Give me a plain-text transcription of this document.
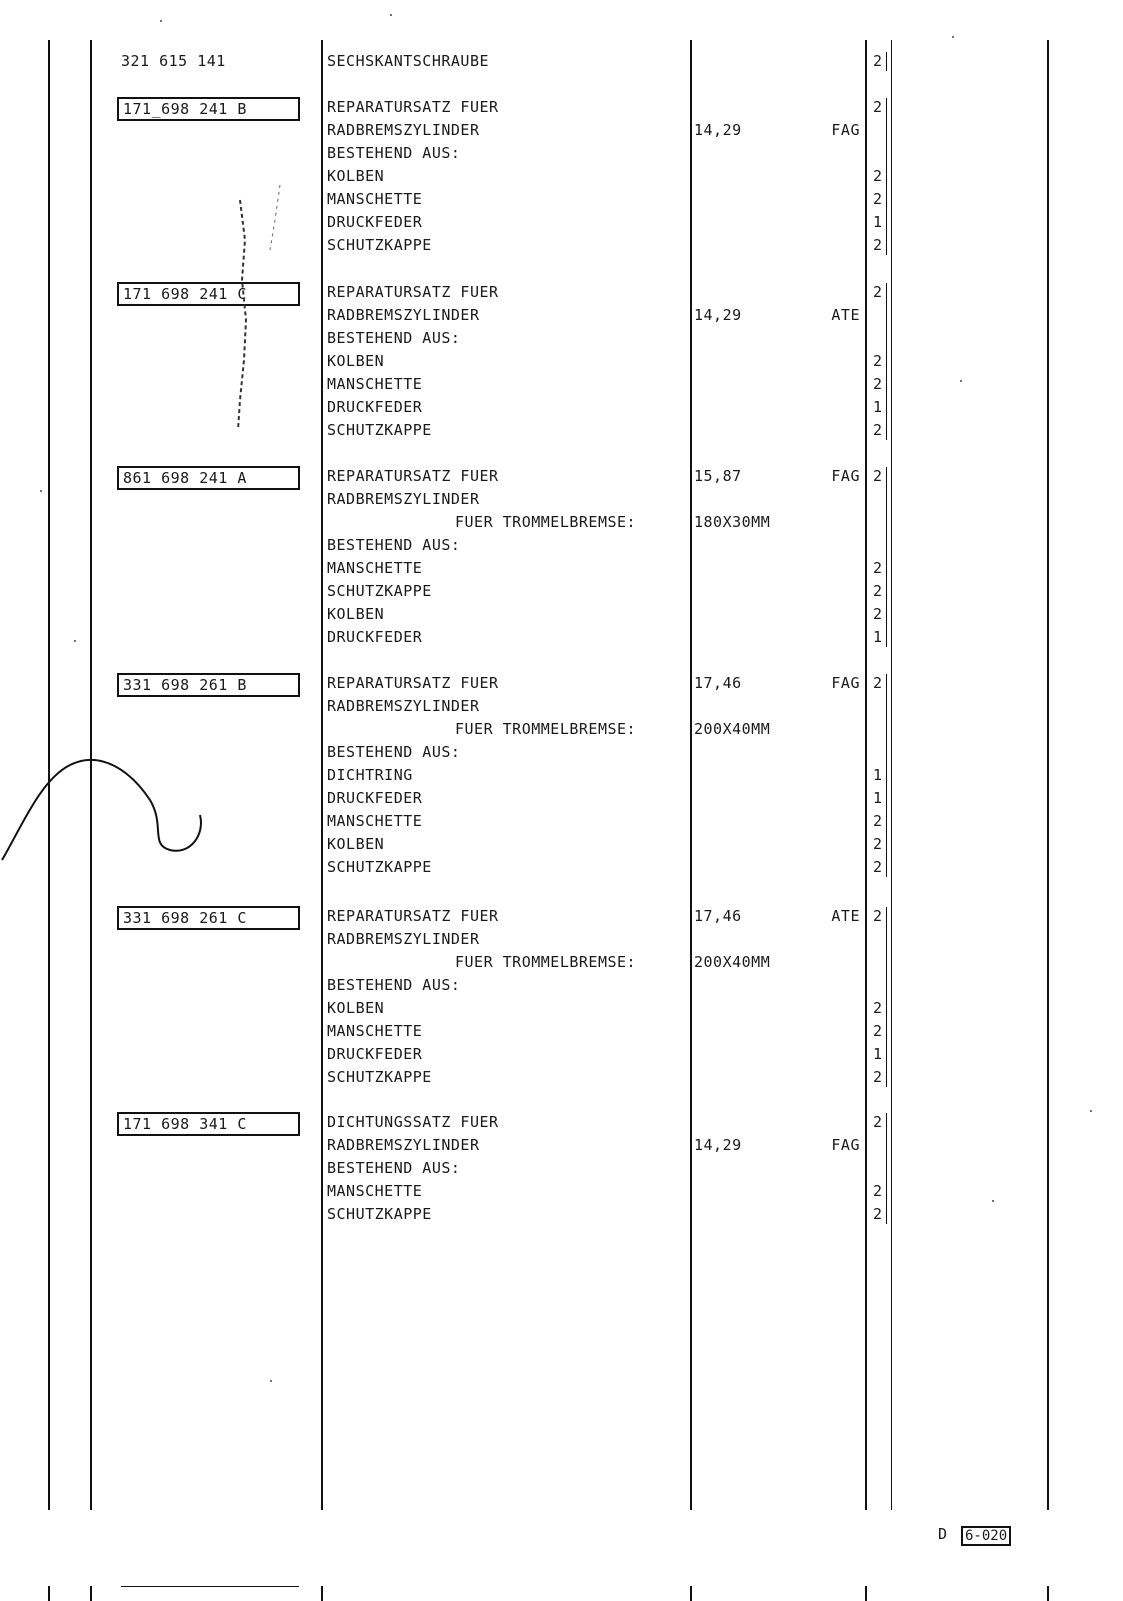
321 615 141	SECHSKANTSCHRAUBE	2
171_698 241 B	REPARATURSATZ FUER	2
RADBREMSZYLINDER	14,29	FAG
BESTEHEND AUS:
KOLBEN	2
MANSCHETTE	2
DRUCKFEDER	1
SCHUTZKAPPE	2
171 698 241 C	REPARATURSATZ FUER	2
RADBREMSZYLINDER	14,29	ATE
BESTEHEND AUS:
KOLBEN	2
MANSCHETTE	2
DRUCKFEDER	1
SCHUTZKAPPE	2
861 698 241 A	REPARATURSATZ FUER	15,87	FAG 2
RADBREMSZYLINDER
FUER TROMMELBREMSE:	180X30MM
BESTEHEND AUS:
MANSCHETTE	2
SCHUTZKAPPE	2
KOLBEN	2
DRUCKFEDER	1
331 698 261 B	REPARATURSATZ FUER	17,46	FAG 2
RADBREMSZYLINDER
FUER TROMMELBREMSE:	200X40MM
BESTEHEND AUS:
DICHTRING	1
DRUCKFEDER	1
MANSCHETTE	2
KOLBEN	2
SCHUTZKAPPE	2
331 698 261 C	REPARATURSATZ FUER	17,46	ATE 2
RADBREMSZYLINDER
FUER TROMMELBREMSE:	200X40MM
BESTEHEND AUS:
KOLBEN	2
MANSCHETTE	2
DRUCKFEDER	1
SCHUTZKAPPE	2
171 698 341 C	DICHTUNGSSATZ FUER	2
RADBREMSZYLINDER	14,29	FAG
BESTEHEND AUS:
MANSCHETTE	2
SCHUTZKAPPE	2
D 6-020
